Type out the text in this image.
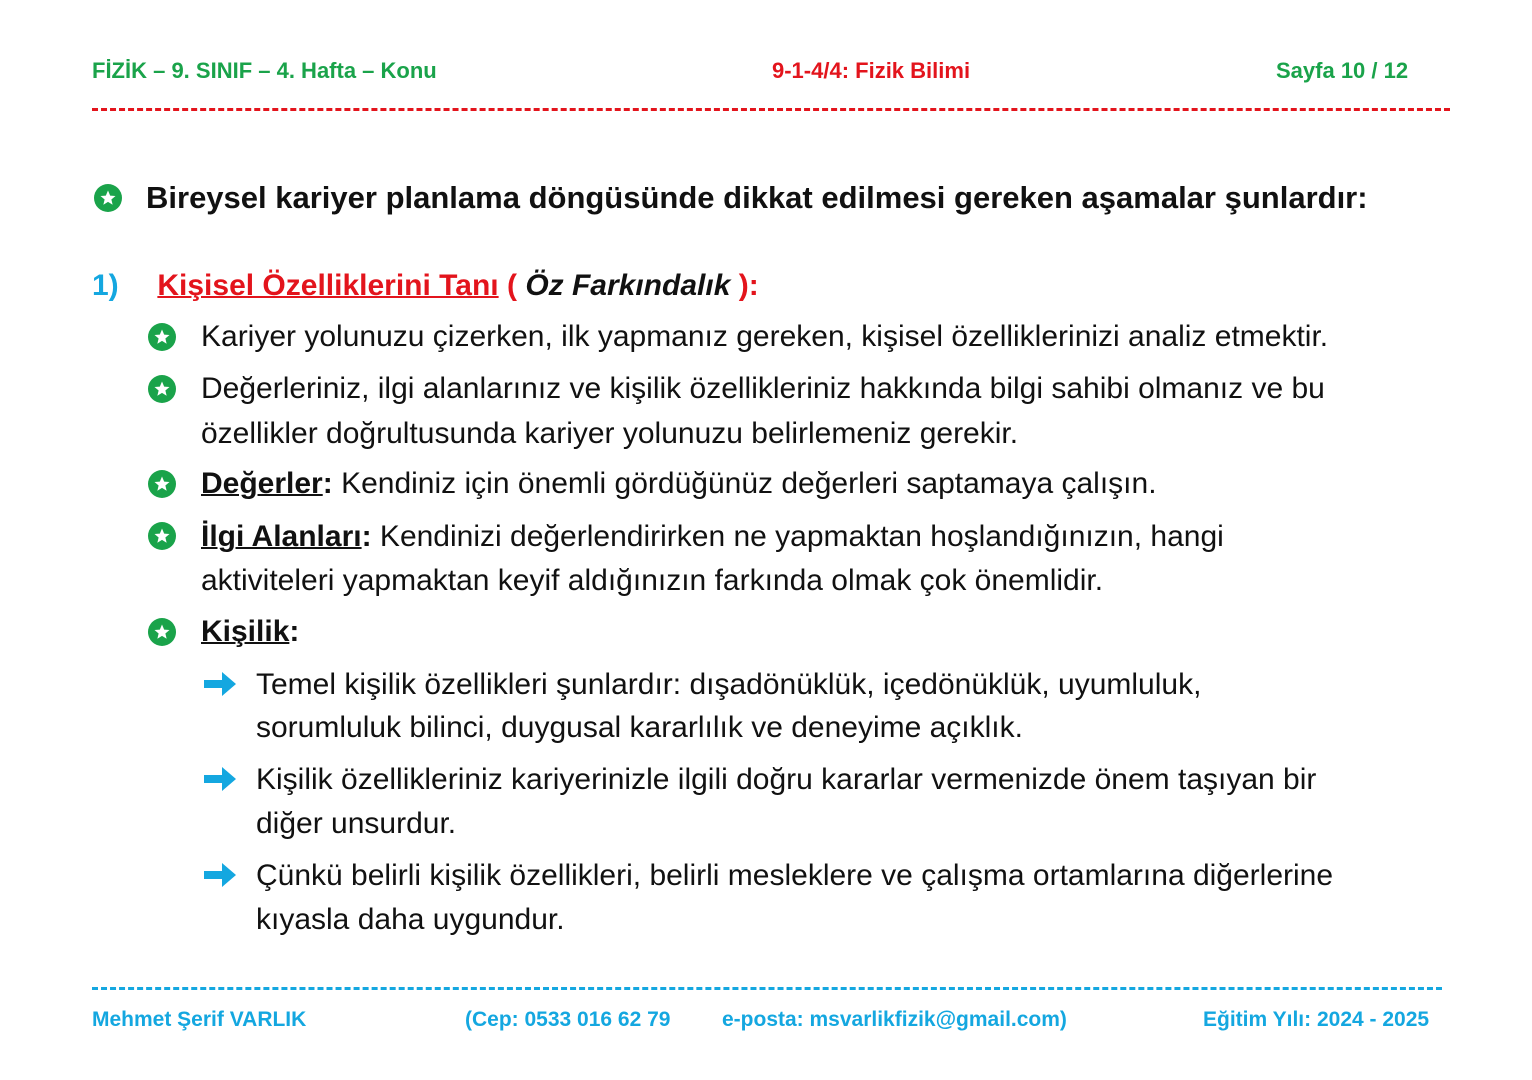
FİZİK – 9. SINIF – 4. Hafta – Konu	9-1-4/4: Fizik Bilimi	Sayfa 10 / 12
Bireysel kariyer planlama döngüsünde dikkat edilmesi gereken aşamalar şunlardır:
1) Kişisel Özelliklerini Tanı ( Öz Farkındalık ):
Kariyer yolunuzu çizerken, ilk yapmanız gereken, kişisel özelliklerinizi analiz etmektir.
Değerleriniz, ilgi alanlarınız ve kişilik özellikleriniz hakkında bilgi sahibi olmanız ve bu
özellikler doğrultusunda kariyer yolunuzu belirlemeniz gerekir.
Değerler: Kendiniz için önemli gördüğünüz değerleri saptamaya çalışın.
İlgi Alanları: Kendinizi değerlendirirken ne yapmaktan hoşlandığınızın, hangi
aktiviteleri yapmaktan keyif aldığınızın farkında olmak çok önemlidir.
Kişilik:
Temel kişilik özellikleri şunlardır: dışadönüklük, içedönüklük, uyumluluk,
sorumluluk bilinci, duygusal kararlılık ve deneyime açıklık.
Kişilik özellikleriniz kariyerinizle ilgili doğru kararlar vermenizde önem taşıyan bir
diğer unsurdur.
Çünkü belirli kişilik özellikleri, belirli mesleklere ve çalışma ortamlarına diğerlerine
kıyasla daha uygundur.
Mehmet Şerif VARLIK	(Cep: 0533 016 62 79 e-posta: msvarlikfizik@gmail.com)	Eğitim Yılı: 2024 - 2025
